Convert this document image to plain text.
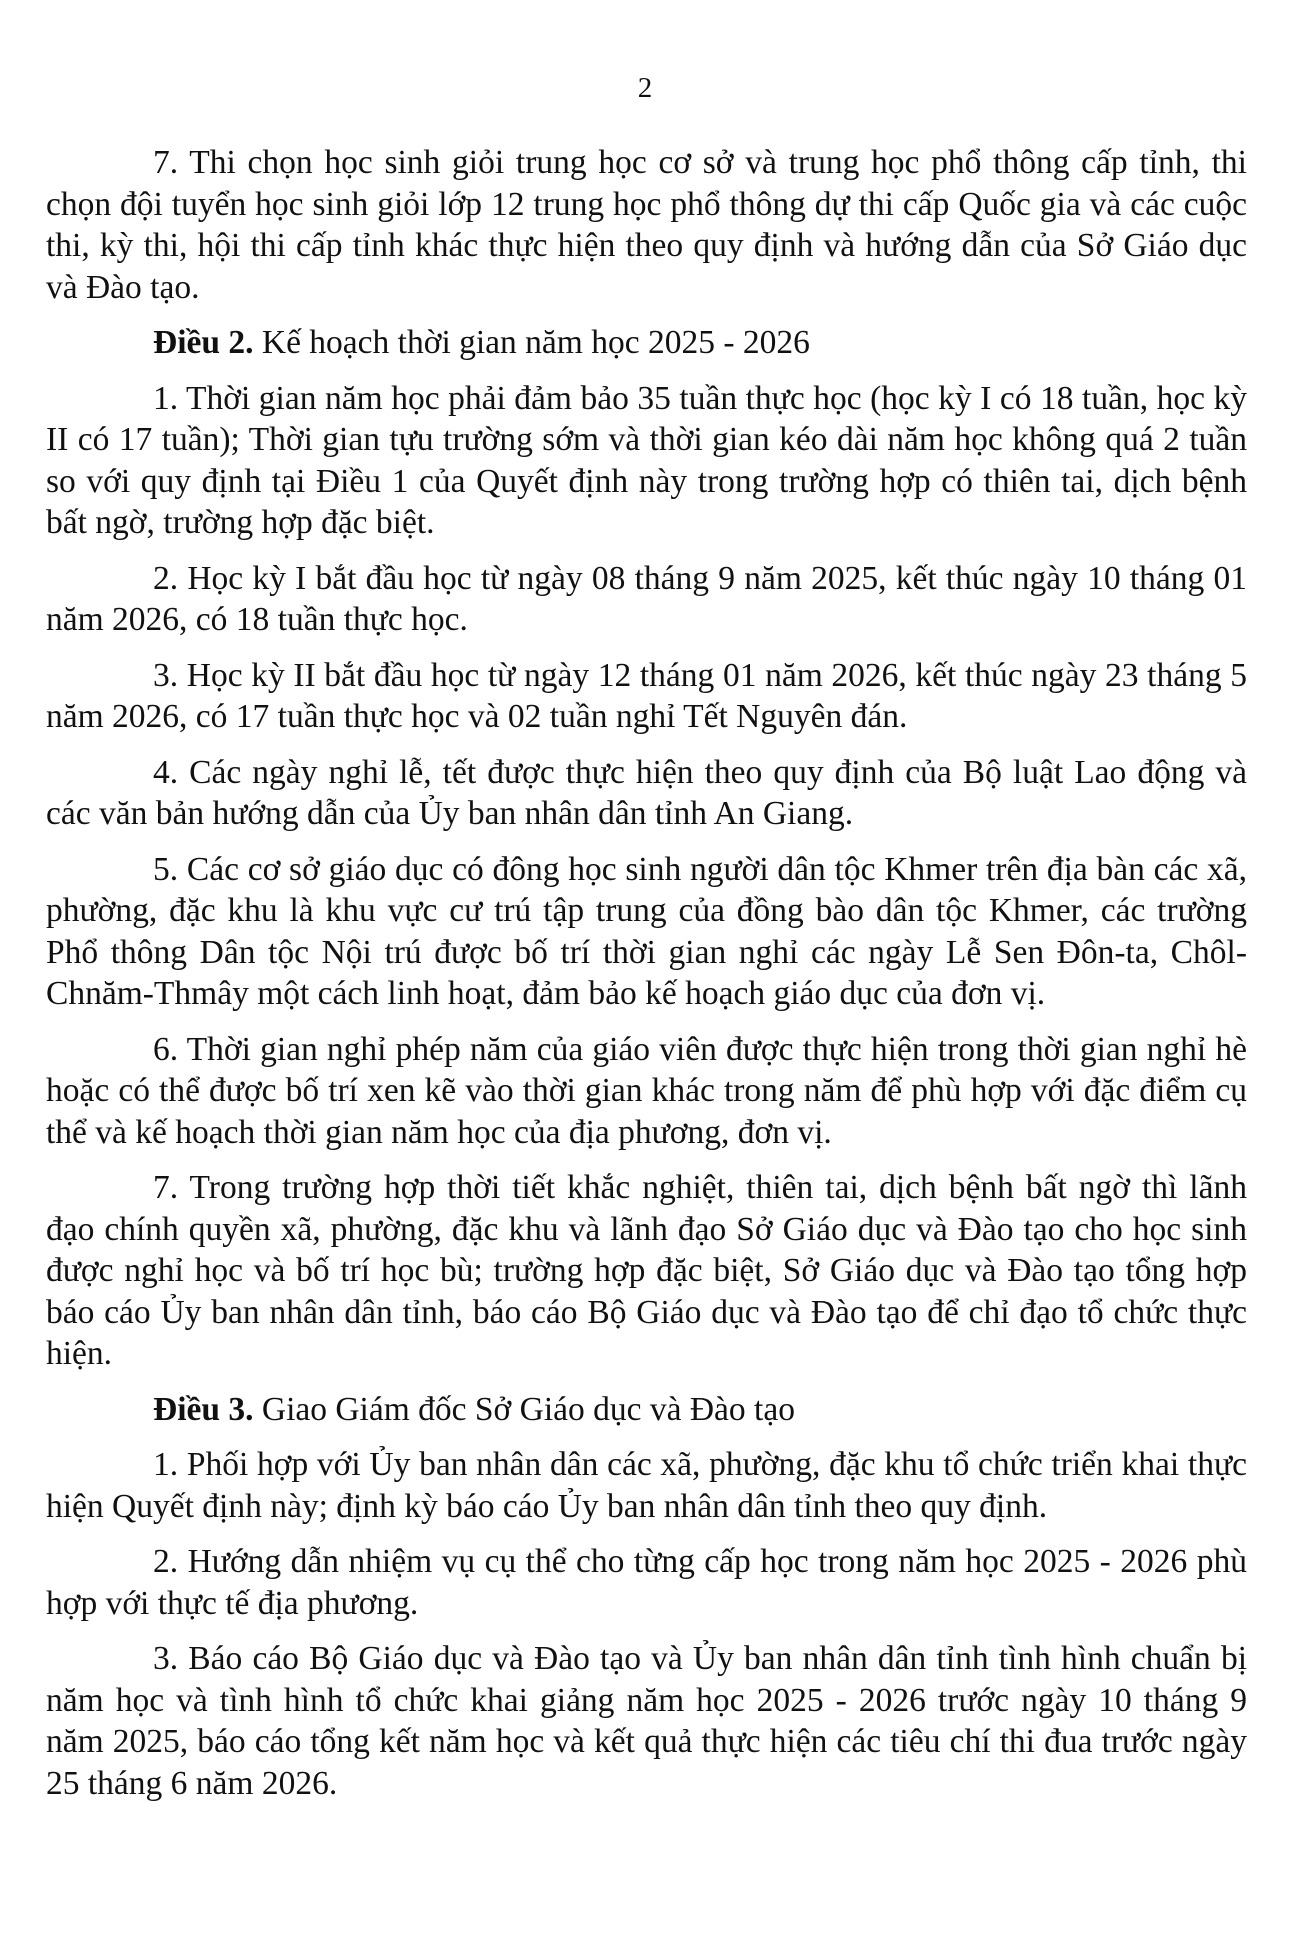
2

7. Thi chọn học sinh giỏi trung học cơ sở và trung học phổ thông cấp tỉnh, thi chọn đội tuyển học sinh giỏi lớp 12 trung học phổ thông dự thi cấp Quốc gia và các cuộc thi, kỳ thi, hội thi cấp tỉnh khác thực hiện theo quy định và hướng dẫn của Sở Giáo dục và Đào tạo.

Điều 2. Kế hoạch thời gian năm học 2025 - 2026

1. Thời gian năm học phải đảm bảo 35 tuần thực học (học kỳ I có 18 tuần, học kỳ II có 17 tuần); Thời gian tựu trường sớm và thời gian kéo dài năm học không quá 2 tuần so với quy định tại Điều 1 của Quyết định này trong trường hợp có thiên tai, dịch bệnh bất ngờ, trường hợp đặc biệt.

2. Học kỳ I bắt đầu học từ ngày 08 tháng 9 năm 2025, kết thúc ngày 10 tháng 01 năm 2026, có 18 tuần thực học.

3. Học kỳ II bắt đầu học từ ngày 12 tháng 01 năm 2026, kết thúc ngày 23 tháng 5 năm 2026, có 17 tuần thực học và 02 tuần nghỉ Tết Nguyên đán.

4. Các ngày nghỉ lễ, tết được thực hiện theo quy định của Bộ luật Lao động và các văn bản hướng dẫn của Ủy ban nhân dân tỉnh An Giang.

5. Các cơ sở giáo dục có đông học sinh người dân tộc Khmer trên địa bàn các xã, phường, đặc khu là khu vực cư trú tập trung của đồng bào dân tộc Khmer, các trường Phổ thông Dân tộc Nội trú được bố trí thời gian nghỉ các ngày Lễ Sen Đôn-ta, Chôl-Chnăm-Thmây một cách linh hoạt, đảm bảo kế hoạch giáo dục của đơn vị.

6. Thời gian nghỉ phép năm của giáo viên được thực hiện trong thời gian nghỉ hè hoặc có thể được bố trí xen kẽ vào thời gian khác trong năm để phù hợp với đặc điểm cụ thể và kế hoạch thời gian năm học của địa phương, đơn vị.

7. Trong trường hợp thời tiết khắc nghiệt, thiên tai, dịch bệnh bất ngờ thì lãnh đạo chính quyền xã, phường, đặc khu và lãnh đạo Sở Giáo dục và Đào tạo cho học sinh được nghỉ học và bố trí học bù; trường hợp đặc biệt, Sở Giáo dục và Đào tạo tổng hợp báo cáo Ủy ban nhân dân tỉnh, báo cáo Bộ Giáo dục và Đào tạo để chỉ đạo tổ chức thực hiện.

Điều 3. Giao Giám đốc Sở Giáo dục và Đào tạo

1. Phối hợp với Ủy ban nhân dân các xã, phường, đặc khu tổ chức triển khai thực hiện Quyết định này; định kỳ báo cáo Ủy ban nhân dân tỉnh theo quy định.

2. Hướng dẫn nhiệm vụ cụ thể cho từng cấp học trong năm học 2025 - 2026 phù hợp với thực tế địa phương.

3. Báo cáo Bộ Giáo dục và Đào tạo và Ủy ban nhân dân tỉnh tình hình chuẩn bị năm học và tình hình tổ chức khai giảng năm học 2025 - 2026 trước ngày 10 tháng 9 năm 2025, báo cáo tổng kết năm học và kết quả thực hiện các tiêu chí thi đua trước ngày 25 tháng 6 năm 2026.
